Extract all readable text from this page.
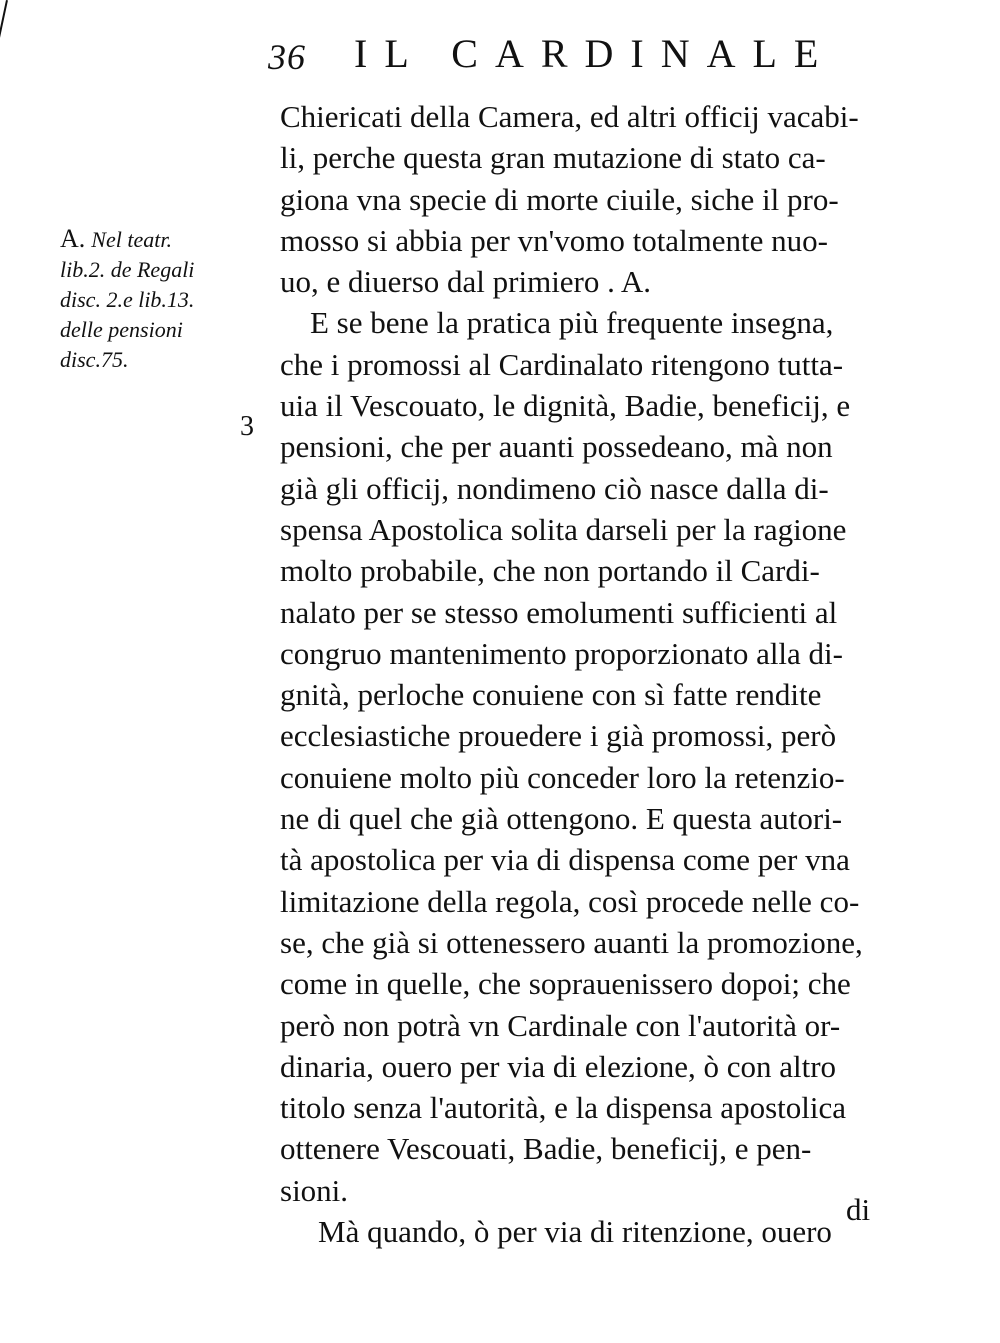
36 IL CARDINALE
A. Nel teatr.
lib.2. de Regali
disc. 2.e lib.13.
delle pensioni
disc.75.
3
Chiericati della Camera, ed altri officij vacabi-
li, perche questa gran mutazione di stato ca-
giona vna specie di morte ciuile, siche il pro-
mosso si abbia per vn'vomo totalmente nuo-
uo, e diuerso dal primiero . A.
E se bene la pratica più frequente insegna,
che i promossi al Cardinalato ritengono tutta-
uia il Vescouato, le dignità, Badie, beneficij, e
pensioni, che per auanti possedeano, mà non
già gli officij, nondimeno ciò nasce dalla di-
spensa Apostolica solita darseli per la ragione
molto probabile, che non portando il Cardi-
nalato per se stesso emolumenti sufficienti al
congruo mantenimento proporzionato alla di-
gnità, perloche conuiene con sì fatte rendite
ecclesiastiche prouedere i già promossi, però
conuiene molto più conceder loro la retenzio-
ne di quel che già ottengono. E questa autori-
tà apostolica per via di dispensa come per vna
limitazione della regola, così procede nelle co-
se, che già si ottenessero auanti la promozione,
come in quelle, che soprauenissero dopoi; che
però non potrà vn Cardinale con l'autorità or-
dinaria, ouero per via di elezione, ò con altro
titolo senza l'autorità, e la dispensa apostolica
ottenere Vescouati, Badie, beneficij, e pen-
sioni.
Mà quando, ò per via di ritenzione, ouero
di
